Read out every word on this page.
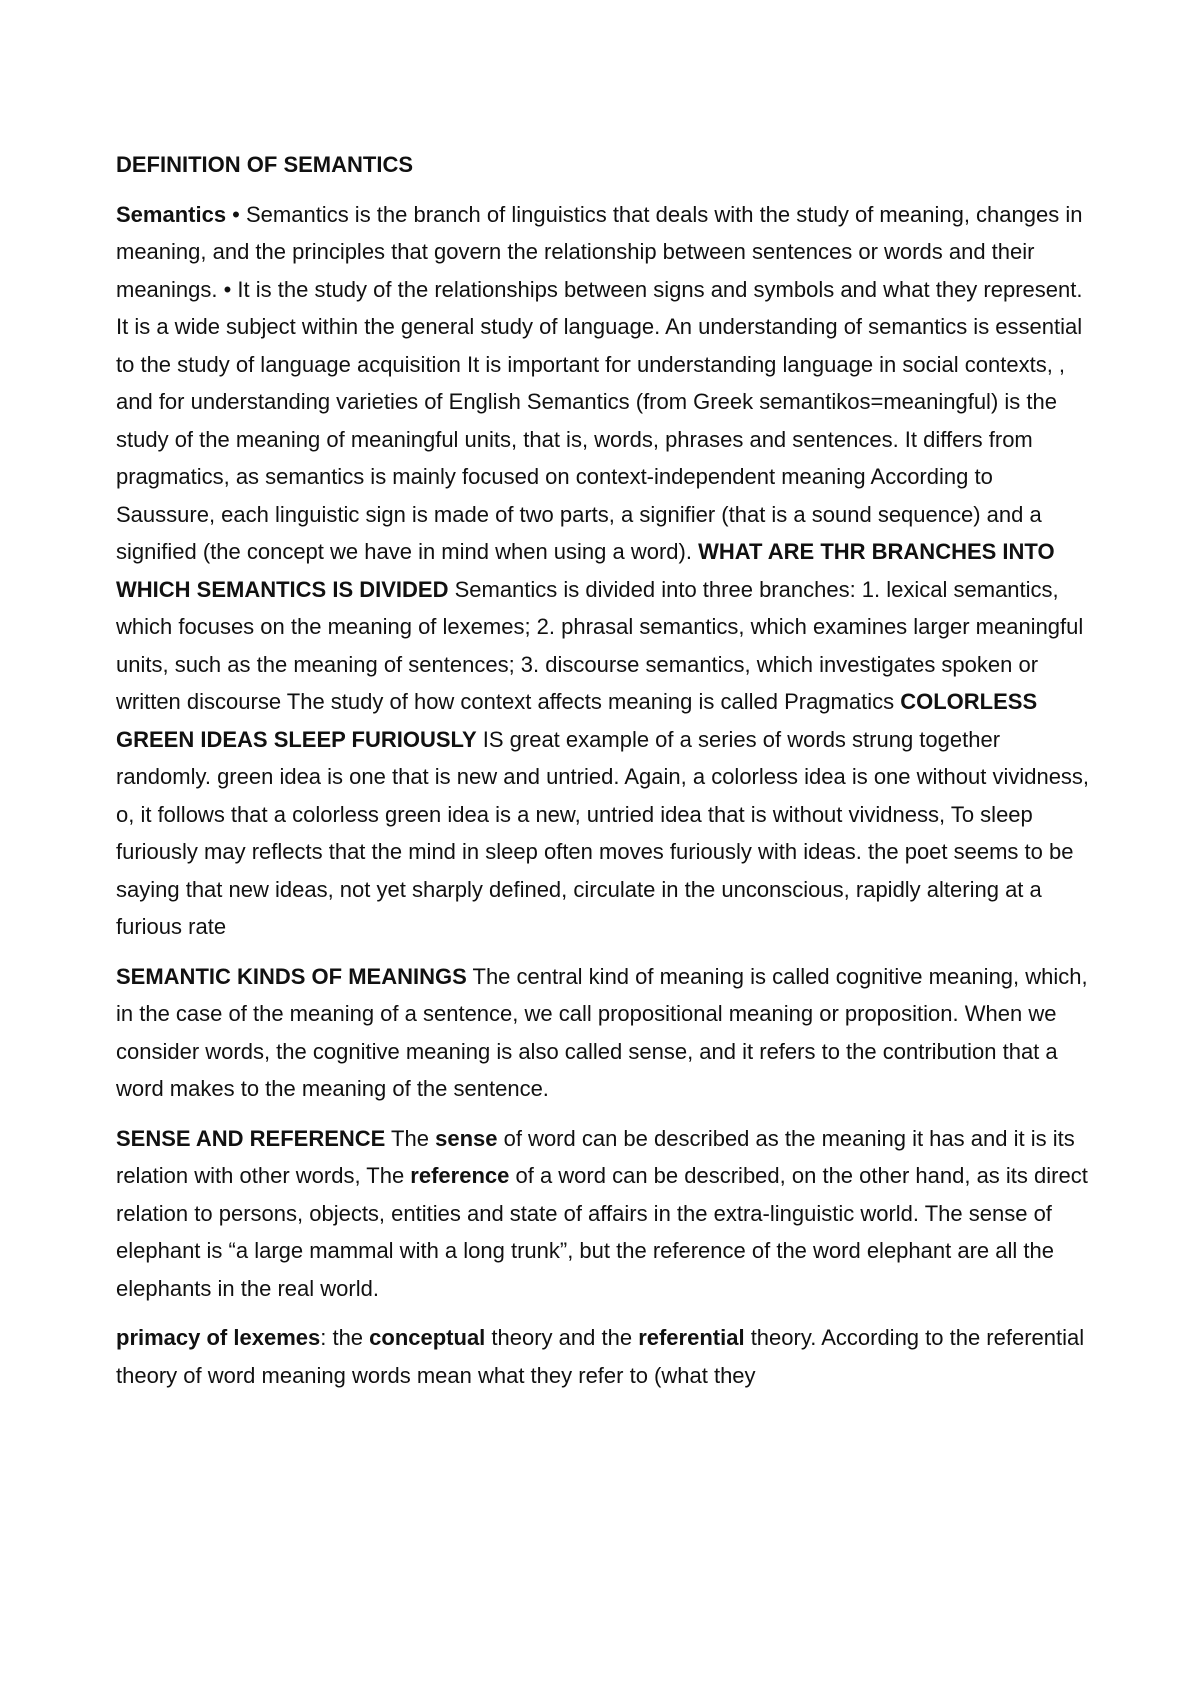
DEFINITION OF SEMANTICS
Semantics • Semantics is the branch of linguistics that deals with the study of meaning, changes in meaning, and the principles that govern the relationship between sentences or words and their meanings. • It is the study of the relationships between signs and symbols and what they represent. It is a wide subject within the general study of language. An understanding of semantics is essential to the study of language acquisition It is important for understanding language in social contexts, , and for understanding varieties of English Semantics (from Greek semantikos=meaningful) is the study of the meaning of meaningful units, that is, words, phrases and sentences. It differs from pragmatics, as semantics is mainly focused on context-independent meaning According to Saussure, each linguistic sign is made of two parts, a signifier (that is a sound sequence) and a signified (the concept we have in mind when using a word). WHAT ARE THR BRANCHES INTO WHICH SEMANTICS IS DIVIDED Semantics is divided into three branches: 1. lexical semantics, which focuses on the meaning of lexemes; 2. phrasal semantics, which examines larger meaningful units, such as the meaning of sentences; 3. discourse semantics, which investigates spoken or written discourse The study of how context affects meaning is called Pragmatics COLORLESS GREEN IDEAS SLEEP FURIOUSLY IS great example of a series of words strung together randomly. green idea is one that is new and untried. Again, a colorless idea is one without vividness, o, it follows that a colorless green idea is a new, untried idea that is without vividness, To sleep furiously may reflects that the mind in sleep often moves furiously with ideas. the poet seems to be saying that new ideas, not yet sharply defined, circulate in the unconscious, rapidly altering at a furious rate
SEMANTIC KINDS OF MEANINGS The central kind of meaning is called cognitive meaning, which, in the case of the meaning of a sentence, we call propositional meaning or proposition. When we consider words, the cognitive meaning is also called sense, and it refers to the contribution that a word makes to the meaning of the sentence.
SENSE AND REFERENCE The sense of word can be described as the meaning it has and it is its relation with other words, The reference of a word can be described, on the other hand, as its direct relation to persons, objects, entities and state of affairs in the extra-linguistic world. The sense of elephant is “a large mammal with a long trunk”, but the reference of the word elephant are all the elephants in the real world.
primacy of lexemes: the conceptual theory and the referential theory. According to the referential theory of word meaning words mean what they refer to (what they
